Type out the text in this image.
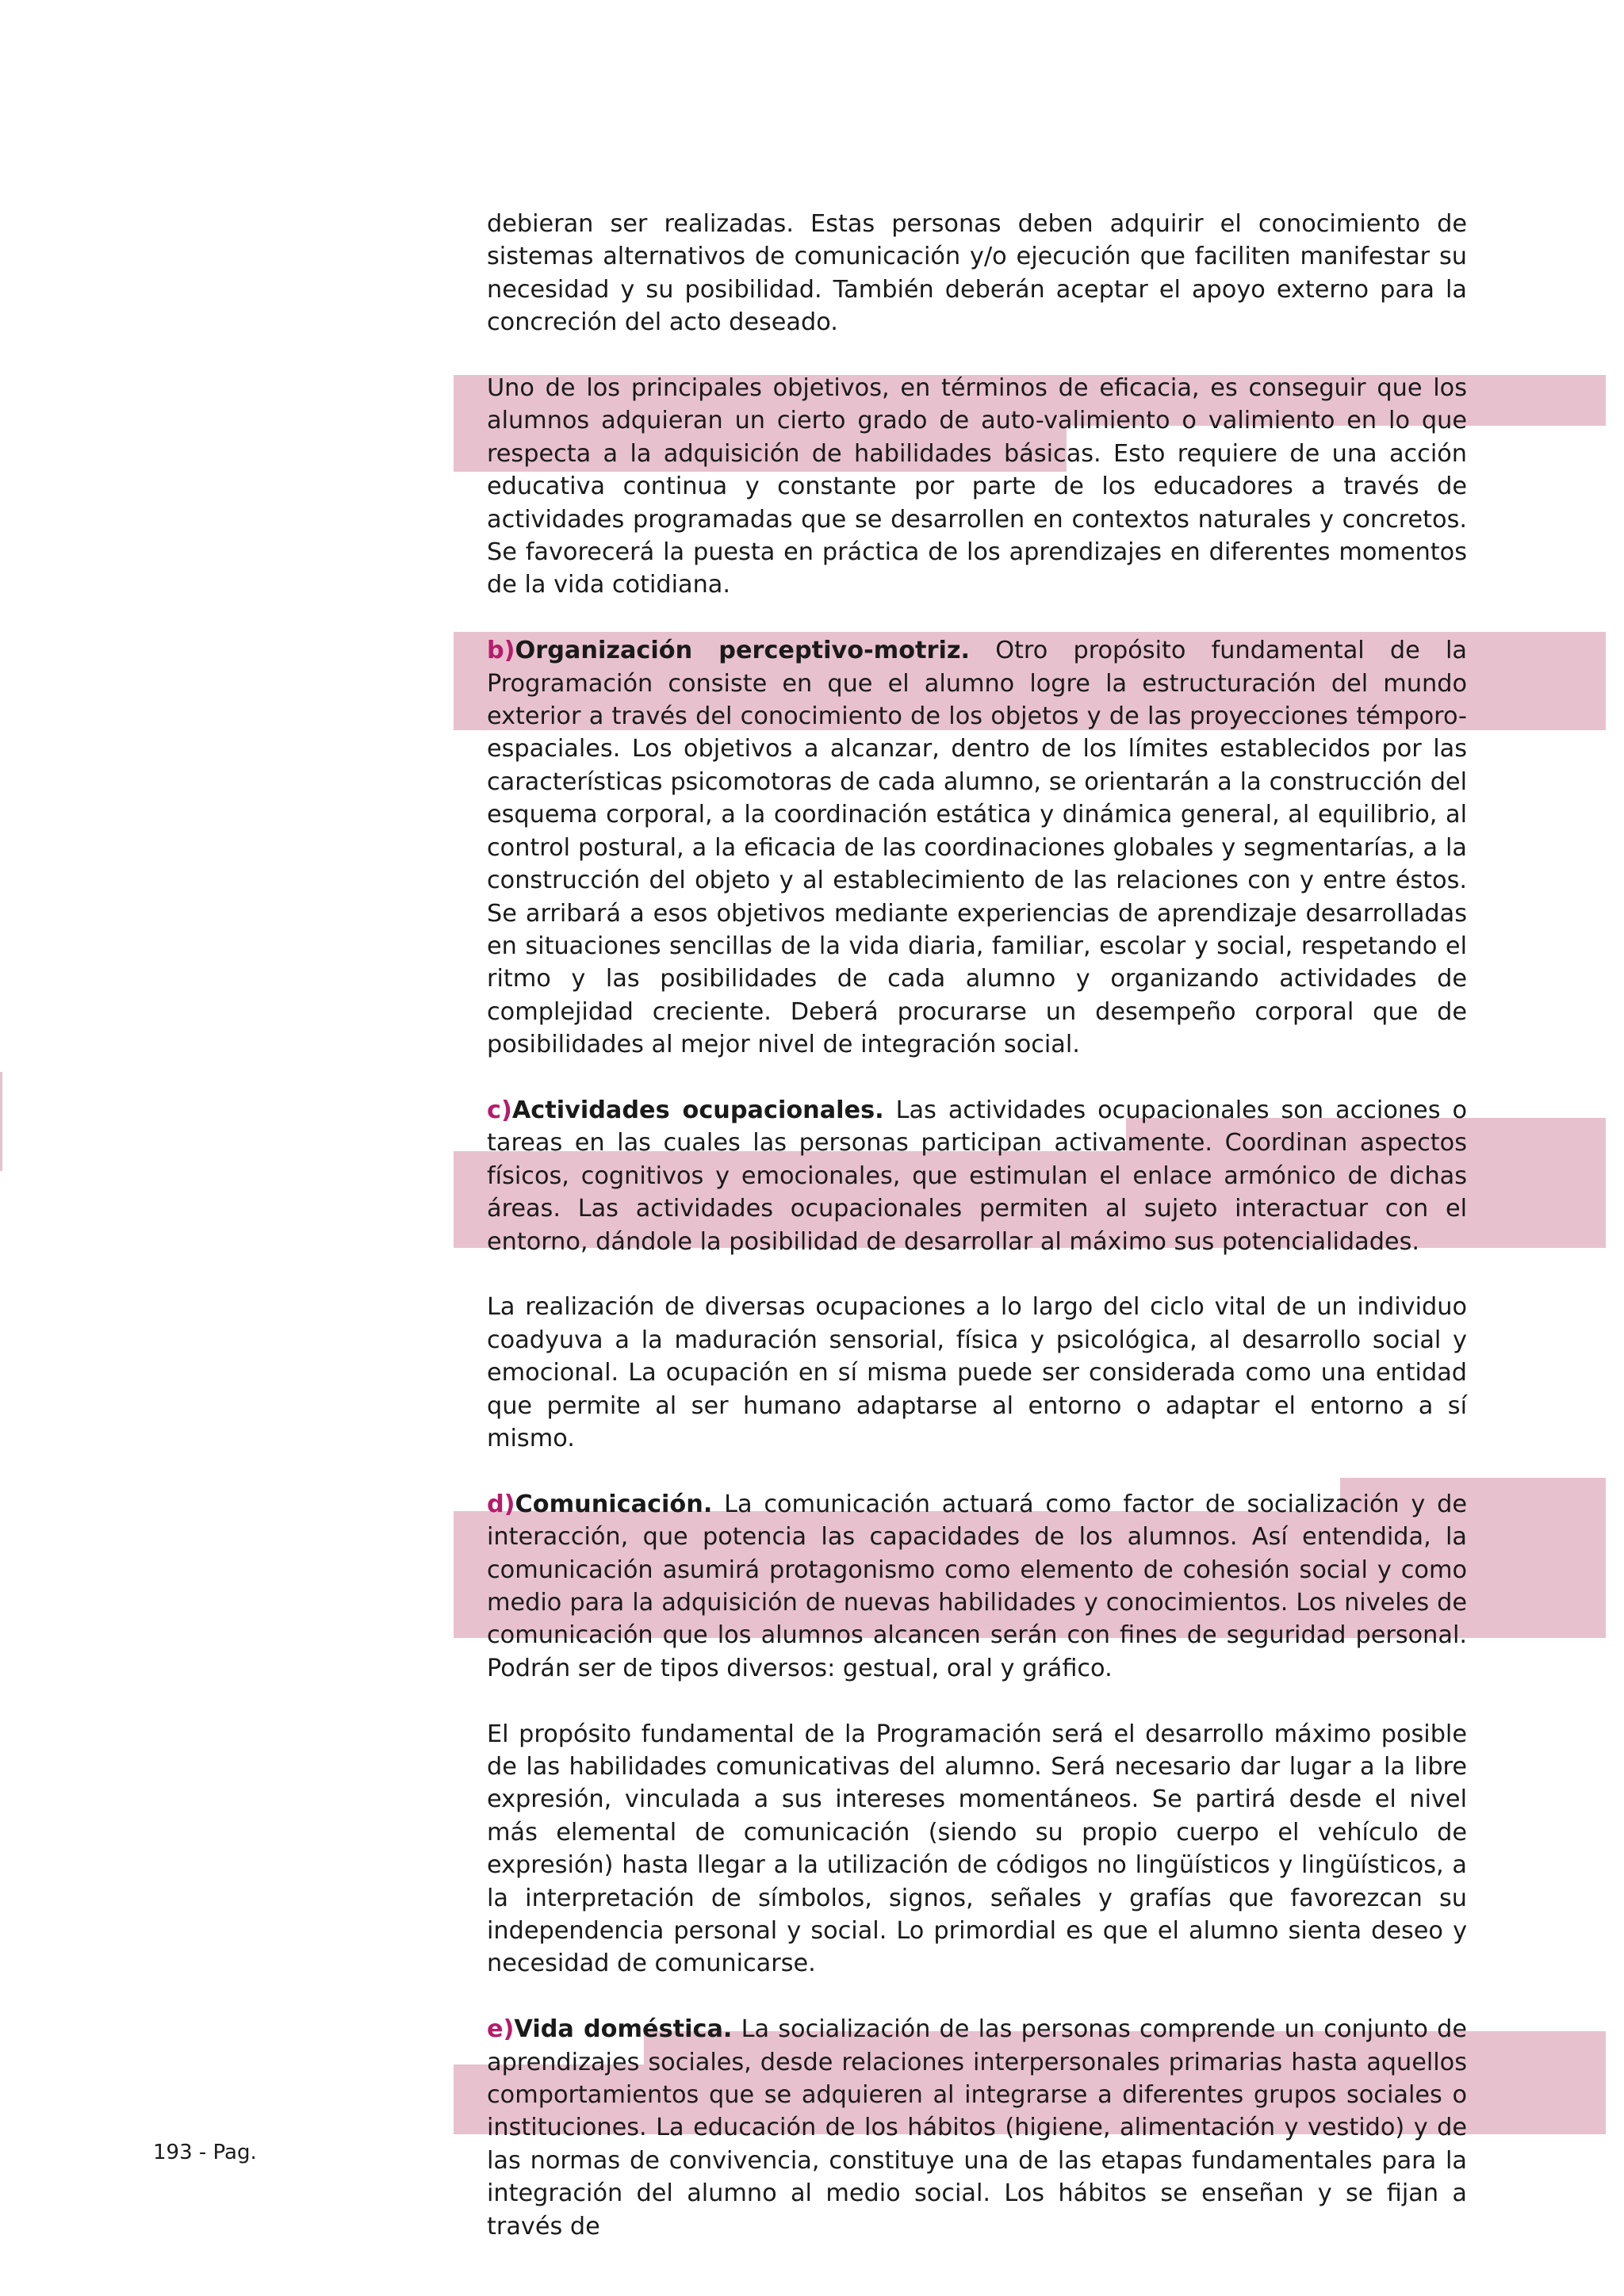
debieran ser realizadas. Estas personas deben adquirir el conocimiento de sistemas alternativos de comunicación y/o ejecución que faciliten manifestar su necesidad y su posibilidad. También deberán aceptar el apoyo externo para la concreción del acto deseado.

Uno de los principales objetivos, en términos de eficacia, es conseguir que los alumnos adquieran un cierto grado de auto-valimiento o valimiento en lo que respecta a la adquisición de habilidades básicas. Esto requiere de una acción educativa continua y constante por parte de los educadores a través de actividades programadas que se desarrollen en contextos naturales y concretos. Se favorecerá la puesta en práctica de los aprendizajes en diferentes momentos de la vida cotidiana.

b)Organización perceptivo-motriz. Otro propósito fundamental de la Programación consiste en que el alumno logre la estructuración del mundo exterior a través del conocimiento de los objetos y de las proyecciones témporo-espaciales. Los objetivos a alcanzar, dentro de los límites establecidos por las características psicomotoras de cada alumno, se orientarán a la construcción del esquema corporal, a la coordinación estática y dinámica general, al equilibrio, al control postural, a la eficacia de las coordinaciones globales y segmentarías, a la construcción del objeto y al establecimiento de las relaciones con y entre éstos. Se arribará a esos objetivos mediante experiencias de aprendizaje desarrolladas en situaciones sencillas de la vida diaria, familiar, escolar y social, respetando el ritmo y las posibilidades de cada alumno y organizando actividades de complejidad creciente. Deberá procurarse un desempeño corporal que de posibilidades al mejor nivel de integración social.

c)Actividades ocupacionales. Las actividades ocupacionales son acciones o tareas en las cuales las personas participan activamente. Coordinan aspectos físicos, cognitivos y emocionales, que estimulan el enlace armónico de dichas áreas. Las actividades ocupacionales permiten al sujeto interactuar con el entorno, dándole la posibilidad de desarrollar al máximo sus potencialidades.

La realización de diversas ocupaciones a lo largo del ciclo vital de un individuo coadyuva a la maduración sensorial, física y psicológica, al desarrollo social y emocional. La ocupación en sí misma puede ser considerada como una entidad que permite al ser humano adaptarse al entorno o adaptar el entorno a sí mismo.

d)Comunicación. La comunicación actuará como factor de socialización y de interacción, que potencia las capacidades de los alumnos. Así entendida, la comunicación asumirá protagonismo como elemento de cohesión social y como medio para la adquisición de nuevas habilidades y conocimientos. Los niveles de comunicación que los alumnos alcancen serán con fines de seguridad personal. Podrán ser de tipos diversos: gestual, oral y gráfico.

El propósito fundamental de la Programación será el desarrollo máximo posible de las habilidades comunicativas del alumno. Será necesario dar lugar a la libre expresión, vinculada a sus intereses momentáneos. Se partirá desde el nivel más elemental de comunicación (siendo su propio cuerpo el vehículo de expresión) hasta llegar a la utilización de códigos no lingüísticos y lingüísticos, a la interpretación de símbolos, signos, señales y grafías que favorezcan su independencia personal y social. Lo primordial es que el alumno sienta deseo y necesidad de comunicarse.

e)Vida doméstica. La socialización de las personas comprende un conjunto de aprendizajes sociales, desde relaciones interpersonales primarias hasta aquellos comportamientos que se adquieren al integrarse a diferentes grupos sociales o instituciones. La educación de los hábitos (higiene, alimentación y vestido) y de las normas de convivencia, constituye una de las etapas fundamentales para la integración del alumno al medio social. Los hábitos se enseñan y se fijan a través de

193 - Pag.
